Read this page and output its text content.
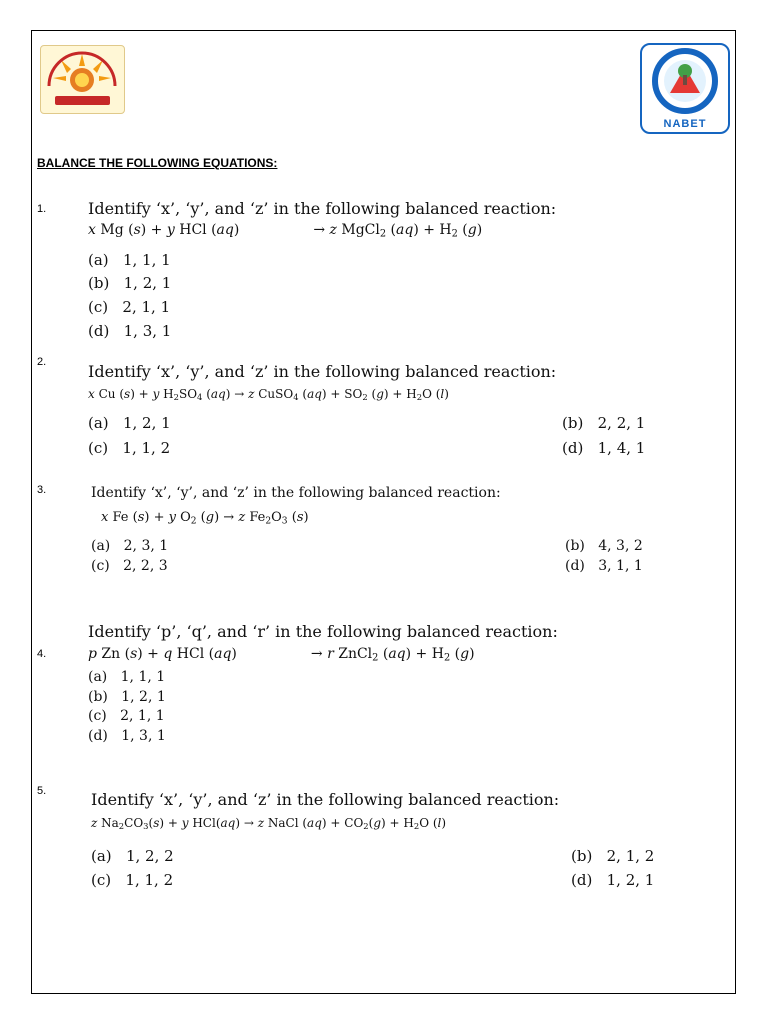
NABET
BALANCE THE FOLLOWING EQUATIONS:
1.	Identify ‘x’, ‘y’, and ‘z’ in the following balanced reaction:
x Mg (s) + y HCl (aq)	→ z MgCl$_2$ $(aq) + H_2$ (g)
(a) 1, 1, 1
(b) 1, 2, 1
(c) 2, 1, 1
(d) 1, 3, 1
2.	Identify ‘x’, ‘y’, and ‘z’ in the following balanced reaction:
x Cu (s) + y $H_2SO_4$ (aq) → z CuSO$_4$ $(aq) + SO_2$ $(g) + H_2O$ (l)
(a) 1, 2, 1	(b) 2, 2, 1
(c) 1, 1, 2	(d) 1, 4, 1
3.	Identify ‘x’, ‘y’, and ‘z’ in the following balanced reaction:
x Fe (s) + y $O_2$ (g) → z $Fe_2O_3$ (s)
(a) 2, 3, 1	(b) 4, 3, 2
(c) 2, 2, 3	(d) 3, 1, 1
Identify ‘p’, ‘q’, and ‘r’ in the following balanced reaction:
4.	p Zn (s) + q HCl (aq)	→ r ZnCl$_2$ $(aq) + H_2$ (g)
(a) 1, 1, 1
(b) 1, 2, 1
(c) 2, 1, 1
(d) 1, 3, 1
5.	Identify ‘x’, ‘y’, and ‘z’ in the following balanced reaction:
z $Na_2CO_3(s) + y$ HCl(aq) → z NaCl $(aq) + CO_2(g) + H_2O$ (l)
(a) 1, 2, 2	(b) 2, 1, 2
(c) 1, 1, 2	(d) 1, 2, 1
